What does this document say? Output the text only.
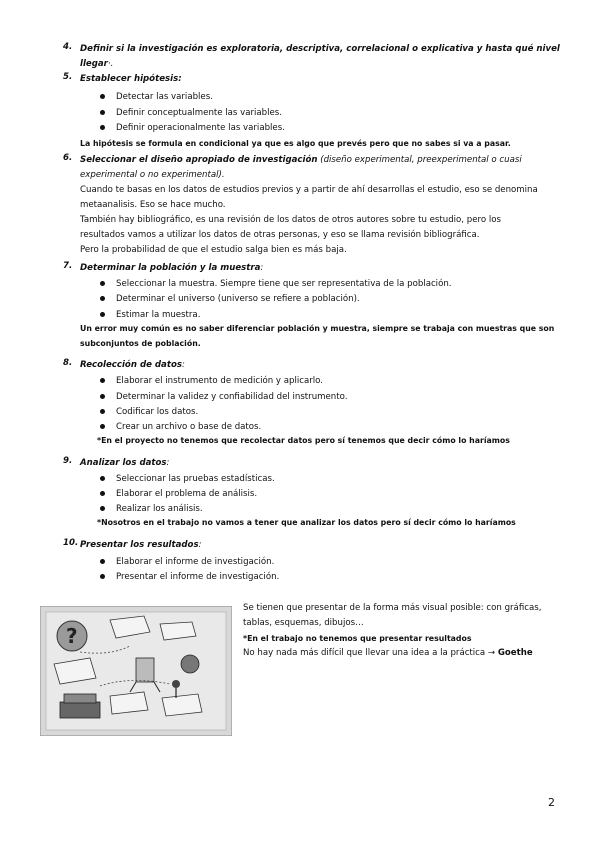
4. Definir si la investigación es exploratoria, descriptiva, correlacional o explicativa y hasta qué nivel
llegar·.
5. Establecer hipótesis:
Detectar las variables.
Definir conceptualmente las variables.
Definir operacionalmente las variables.
La hipótesis se formula en condicional ya que es algo que prevés pero que no sabes si va a pasar.
6. Seleccionar el diseño apropiado de investigación (diseño experimental, preexperimental o cuasi
experimental o no experimental).
Cuando te basas en los datos de estudios previos y a partir de ahí desarrollas el estudio, eso se denomina
metaanalisis. Eso se hace mucho.
También hay bibliográfico, es una revisión de los datos de otros autores sobre tu estudio, pero los
resultados vamos a utilizar los datos de otras personas, y eso se llama revisión bibliográfica.
Pero la probabilidad de que el estudio salga bien es más baja.
7. Determinar la población y la muestra:
Seleccionar la muestra. Siempre tiene que ser representativa de la población.
Determinar el universo (universo se refiere a población).
Estimar la muestra.
Un error muy común es no saber diferenciar población y muestra, siempre se trabaja con muestras que son
subconjuntos de población.
8. Recolección de datos:
Elaborar el instrumento de medición y aplicarlo.
Determinar la validez y confiabilidad del instrumento.
Codificar los datos.
Crear un archivo o base de datos.
*En el proyecto no tenemos que recolectar datos pero sí tenemos que decir cómo lo haríamos
9. Analizar los datos:
Seleccionar las pruebas estadísticas.
Elaborar el problema de análisis.
Realizar los análisis.
*Nosotros en el trabajo no vamos a tener que analizar los datos pero sí decir cómo lo haríamos
10. Presentar los resultados:
Elaborar el informe de investigación.
Presentar el informe de investigación.
?
Se tienen que presentar de la forma más visual posible: con gráficas,
tablas, esquemas, dibujos…
*En el trabajo no tenemos que presentar resultados
No hay nada más difícil que llevar una idea a la práctica → Goethe
2
